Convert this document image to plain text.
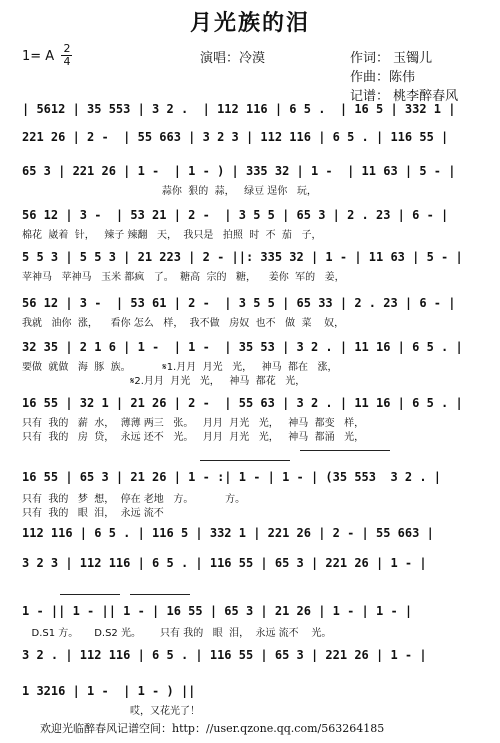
月光族的泪
1= A
2
4	演唱：冷漠	作词： 玉镯儿
作曲：陈伟
记谱： 桃李醉春风
| 5612 | 35 553 | 3 2 .  | 112 116 | 6 5 .  | 16 5 | 332 1 |
221 26 | 2 -  | 55 663 | 3 2 3 | 112 116 | 6 5 . | 116 55 |
65 3 | 221 26 | 1 -  | 1 - ) | 335 32 | 1 -  | 11 63 | 5 - |
蒜你  狠的  蒜，   绿豆 逞你   玩，
56 12 | 3 -  | 53 21 | 2 -  | 3 5 5 | 65 3 | 2 . 23 | 6 - |
棉花  崴着  针，   辣子 辣翻   天，  我只是   拍照  时  不  茄   子，
5 5 3 | 5 5 3 | 21 223 | 2 - ||: 335 32 | 1 - | 11 63 | 5 - |
苹神马   苹神马   玉米 都疯   了。  糖高  宗的   糖，    姜你  军的   姜，
56 12 | 3 -  | 53 61 | 2 -  | 3 5 5 | 65 33 | 2 . 23 | 6 - |
我就   油你  涨，    看你 怎么   样，  我不做   房奴  也不   做  菜    奴，
32 35 | 2 1 6 | 1 -  | 1 -  | 35 53 | 3 2 . | 11 16 | 6 5 . |
要做  就做   海  豚  族。          𝄋1.月月  月光   光，   神马  都在   涨，
𝄋2.月月  月光   光，   神马  都花   光，
16 55 | 32 1 | 21 26 | 2 -  | 55 63 | 3 2 . | 11 16 | 6 5 . |
只有  我的   薪  水，  薄薄 两三   张。   月月  月光   光，   神马  都变   样，
只有  我的   房  贷，  永远 还不   光。   月月  月光   光，   神马  都涌   光，
16 55 | 65 3 | 21 26 | 1 - :| 1 - | 1 - | (35 553  3 2 . |
只有  我的   梦  想，  停在 老地   方。          方。
只有  我的   眼  泪，  永远 流不
112 116 | 6 5 . | 116 5 | 332 1 | 221 26 | 2 - | 55 663 |
3 2 3 | 112 116 | 6 5 . | 116 55 | 65 3 | 221 26 | 1 - |
1 - || 1 - || 1 - | 16 55 | 65 3 | 21 26 | 1 - | 1 - |
D.S1 方。     D.S2 光。      只有 我的   眼  泪，  永远 流不    光。
3 2 . | 112 116 | 6 5 . | 116 55 | 65 3 | 221 26 | 1 - |
1 3216 | 1 -  | 1 - ) ||
哎，又花光了！
欢迎光临醉春风记谱空间：http：//user.qzone.qq.com/563264185
